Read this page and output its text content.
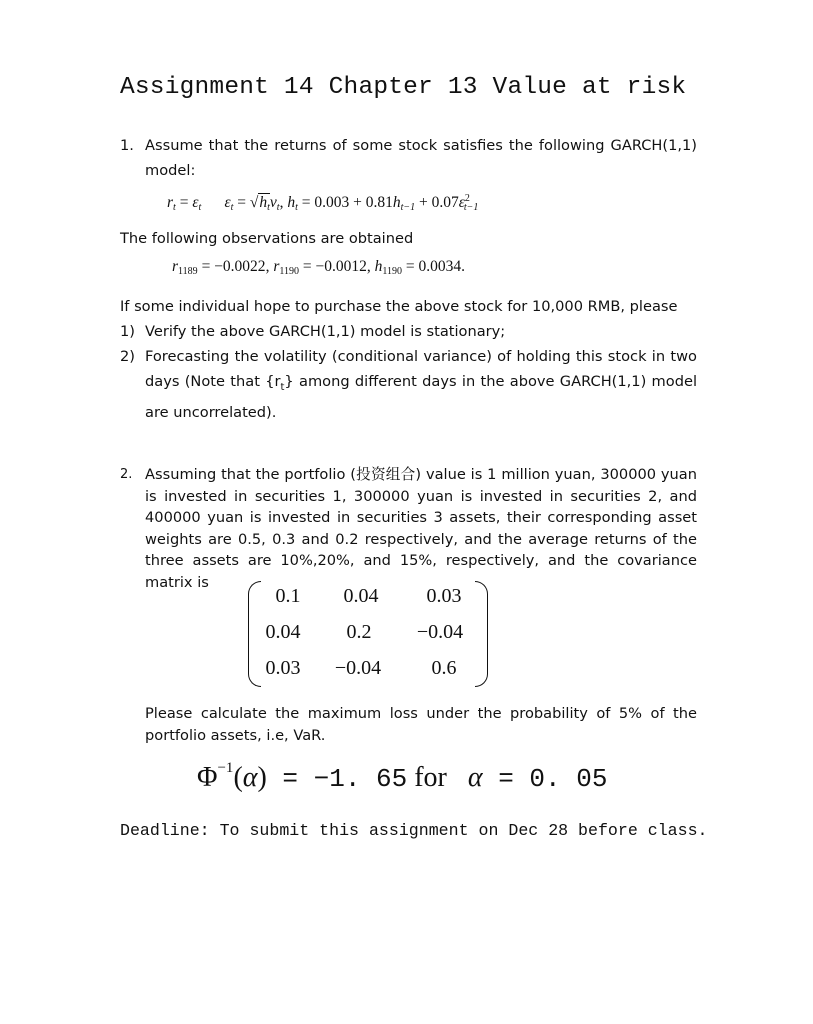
Assignment 14 Chapter 13 Value at risk
1. Assume that the returns of some stock satisfies the following GARCH(1,1) model:
$r_t = \varepsilon_t$ $\varepsilon_t = √h_tv_t$, $h_t = 0.003 + 0.81h_{t-1} + 0.07\varepsilon^2_{t-1}$
The following observations are obtained
$r_{1189} = -0.0022$, $r_{1190} = -0.0012$, $h_{1190} = 0.0034$.
If some individual hope to purchase the above stock for 10,000 RMB, please
1) Verify the above GARCH(1,1) model is stationary;
2) Forecasting the volatility (conditional variance) of holding this stock in two days (Note that $\{r_t\}$ among different days in the above GARCH(1,1) model are uncorrelated).
2. Assuming that the portfolio (投资组合) value is 1 million yuan, 300000 yuan is invested in securities 1, 300000 yuan is invested in securities 2, and 400000 yuan is invested in securities 3 assets, their corresponding asset weights are 0.5, 0.3 and 0.2 respectively, and the average returns of the three assets are 10%,20%, and 15%, respectively, and the covariance matrix is
0.1	0.04	0.03
0.04	0.2	−0.04
0.03	−0.04	0.6
Please calculate the maximum loss under the probability of 5% of the portfolio assets, i.e, VaR.
$\Phi^{-1}(\alpha) = -1$. 65 for   α = 0. 05
Deadline: To submit this assignment on Dec 28 before class.
